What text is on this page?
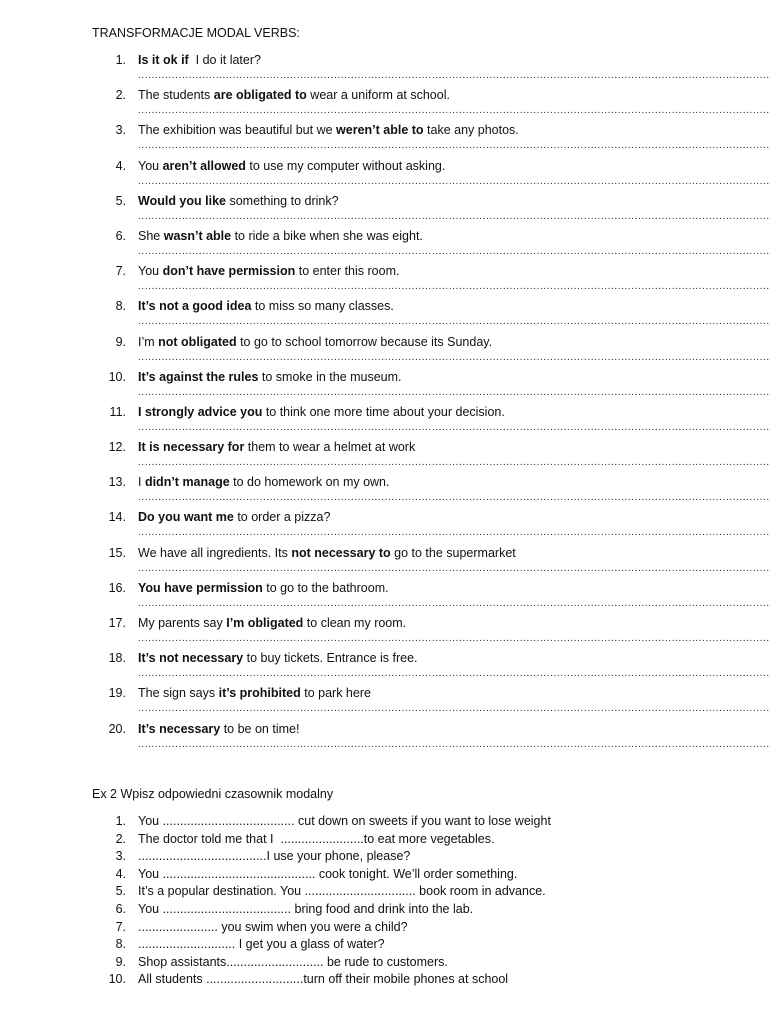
TRANSFORMACJE MODAL VERBS:
1. Is it ok if  I do it later?
...........................................................................................................................................................................................
2. The students are obligated to wear a uniform at school.
...........................................................................................................................................................................................
3. The exhibition was beautiful but we weren’t able to take any photos.
...........................................................................................................................................................................................
4. You aren’t allowed to use my computer without asking.
...........................................................................................................................................................................................
5. Would you like something to drink?
...........................................................................................................................................................................................
6. She wasn’t able to ride a bike when she was eight.
...........................................................................................................................................................................................
7. You don’t have permission to enter this room.
...........................................................................................................................................................................................
8. It’s not a good idea to miss so many classes.
...........................................................................................................................................................................................
9. I’m not obligated to go to school tomorrow because its Sunday.
...........................................................................................................................................................................................
10. It’s against the rules to smoke in the museum.
...........................................................................................................................................................................................
11. I strongly advice you to think one more time about your decision.
...........................................................................................................................................................................................
12. It is necessary for them to wear a helmet at work
...........................................................................................................................................................................................
13. I didn’t manage to do homework on my own.
...........................................................................................................................................................................................
14. Do you want me to order a pizza?
...........................................................................................................................................................................................
15. We have all ingredients. Its not necessary to go to the supermarket
...........................................................................................................................................................................................
16. You have permission to go to the bathroom.
...........................................................................................................................................................................................
17. My parents say I’m obligated to clean my room.
...........................................................................................................................................................................................
18. It’s not necessary to buy tickets. Entrance is free.
...........................................................................................................................................................................................
19. The sign says it’s prohibited to park here
...........................................................................................................................................................................................
20. It’s necessary to be on time!
...........................................................................................................................................................................................
Ex 2 Wpisz odpowiedni czasownik modalny
1. You ...................................... cut down on sweets if you want to lose weight
2. The doctor told me that I  ........................to eat more vegetables.
3. .....................................I use your phone, please?
4. You ............................................ cook tonight. We’ll order something.
5. It’s a popular destination. You ................................ book room in advance.
6. You ..................................... bring food and drink into the lab.
7. ....................... you swim when you were a child?
8. ............................ I get you a glass of water?
9. Shop assistants............................ be rude to customers.
10. All students ............................turn off their mobile phones at school
